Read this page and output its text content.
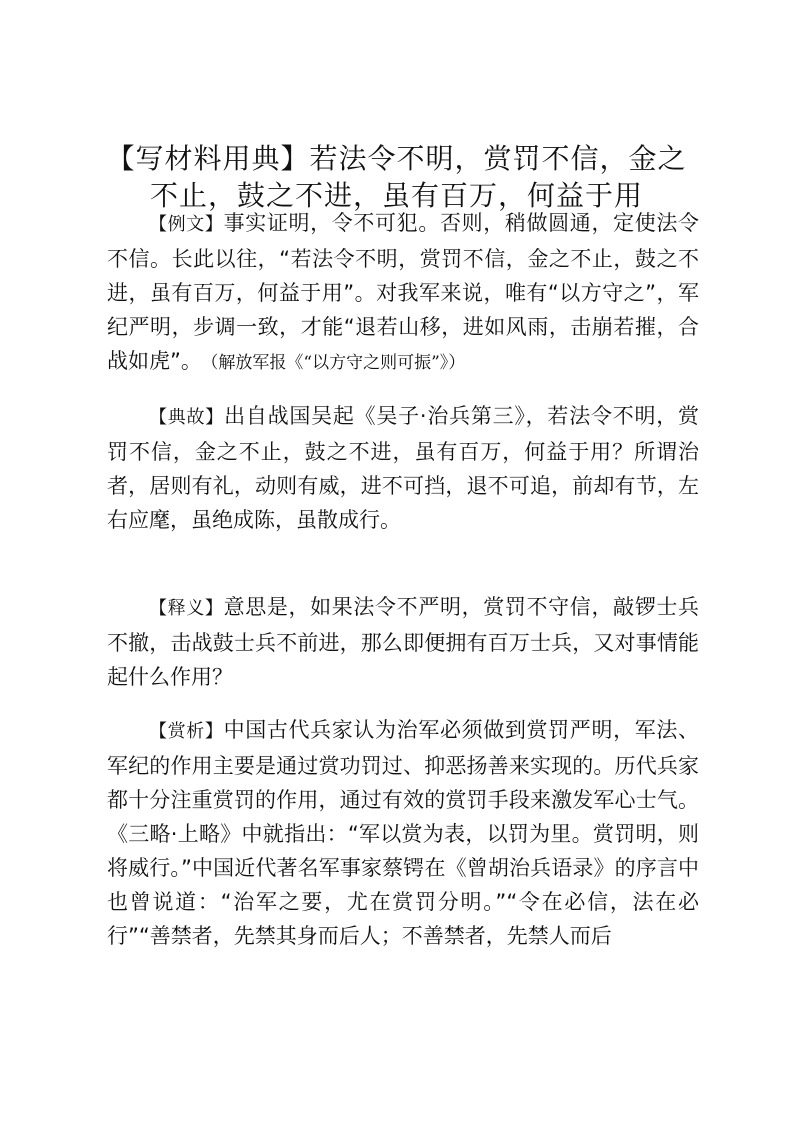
【写材料用典】若法令不明，赏罚不信，金之不止，鼓之不进，虽有百万，何益于用

【例文】事实证明，令不可犯。否则，稍做圆通，定使法令不信。长此以往，“若法令不明，赏罚不信，金之不止，鼓之不进，虽有百万，何益于用”。对我军来说，唯有“以方守之”，军纪严明，步调一致，才能“退若山移，进如风雨，击崩若摧，合战如虎”。 （解放军报《“以方守之则可振”》）

【典故】出自战国吴起《吴子·治兵第三》，若法令不明，赏罚不信，金之不止，鼓之不进，虽有百万，何益于用？所谓治者，居则有礼，动则有威，进不可挡，退不可追，前却有节，左右应麾，虽绝成陈，虽散成行。

【释义】意思是，如果法令不严明，赏罚不守信，敲锣士兵不撤，击战鼓士兵不前进，那么即便拥有百万士兵，又对事情能起什么作用？

【赏析】中国古代兵家认为治军必须做到赏罚严明，军法、军纪的作用主要是通过赏功罚过、抑恶扬善来实现的。历代兵家都十分注重赏罚的作用，通过有效的赏罚手段来激发军心士气。《三略·上略》中就指出：“军以赏为表，以罚为里。赏罚明，则将威行。”中国近代著名军事家蔡锷在《曾胡治兵语录》的序言中也曾说道：“治军之要，尤在赏罚分明。”“令在必信，法在必行”“善禁者，先禁其身而后人；不善禁者，先禁人而后
